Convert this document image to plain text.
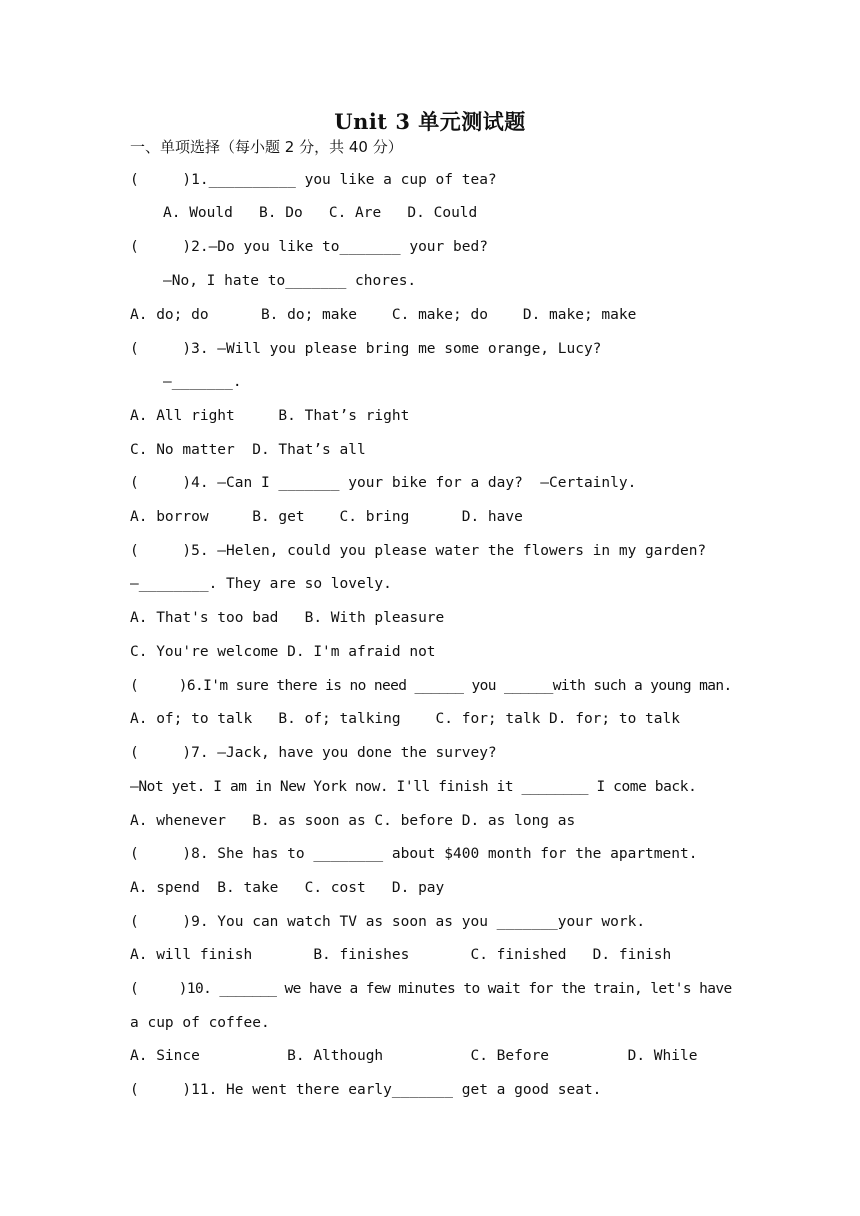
Unit 3 单元测试题
一、单项选择（每小题 2 分，共 40 分）
(     )1.__________ you like a cup of tea?
A. Would   B. Do   C. Are   D. Could
(     )2.—Do you like to_______ your bed?
—No, I hate to_______ chores.
A. do; do      B. do; make    C. make; do    D. make; make
(     )3. —Will you please bring me some orange, Lucy?
—_______.
A. All right     B. That’s right
C. No matter  D. That’s all
(     )4. —Can I _______ your bike for a day?  —Certainly.
A. borrow     B. get    C. bring      D. have
(     )5. —Helen, could you please water the flowers in my garden?
—________. They are so lovely.
A. That's too bad   B. With pleasure
C. You're welcome D. I'm afraid not
(     )6.I'm sure there is no need ______ you ______with such a young man.
A. of; to talk   B. of; talking    C. for; talk D. for; to talk
(     )7. —Jack, have you done the survey?
—Not yet. I am in New York now. I'll finish it ________ I come back.
A. whenever   B. as soon as C. before D. as long as
(     )8. She has to ________ about $400 month for the apartment.
A. spend  B. take   C. cost   D. pay
(     )9. You can watch TV as soon as you _______your work.
A. will finish       B. finishes       C. finished   D. finish
(     )10. _______ we have a few minutes to wait for the train, let's have
a cup of coffee.
A. Since          B. Although          C. Before         D. While
(     )11. He went there early_______ get a good seat.
